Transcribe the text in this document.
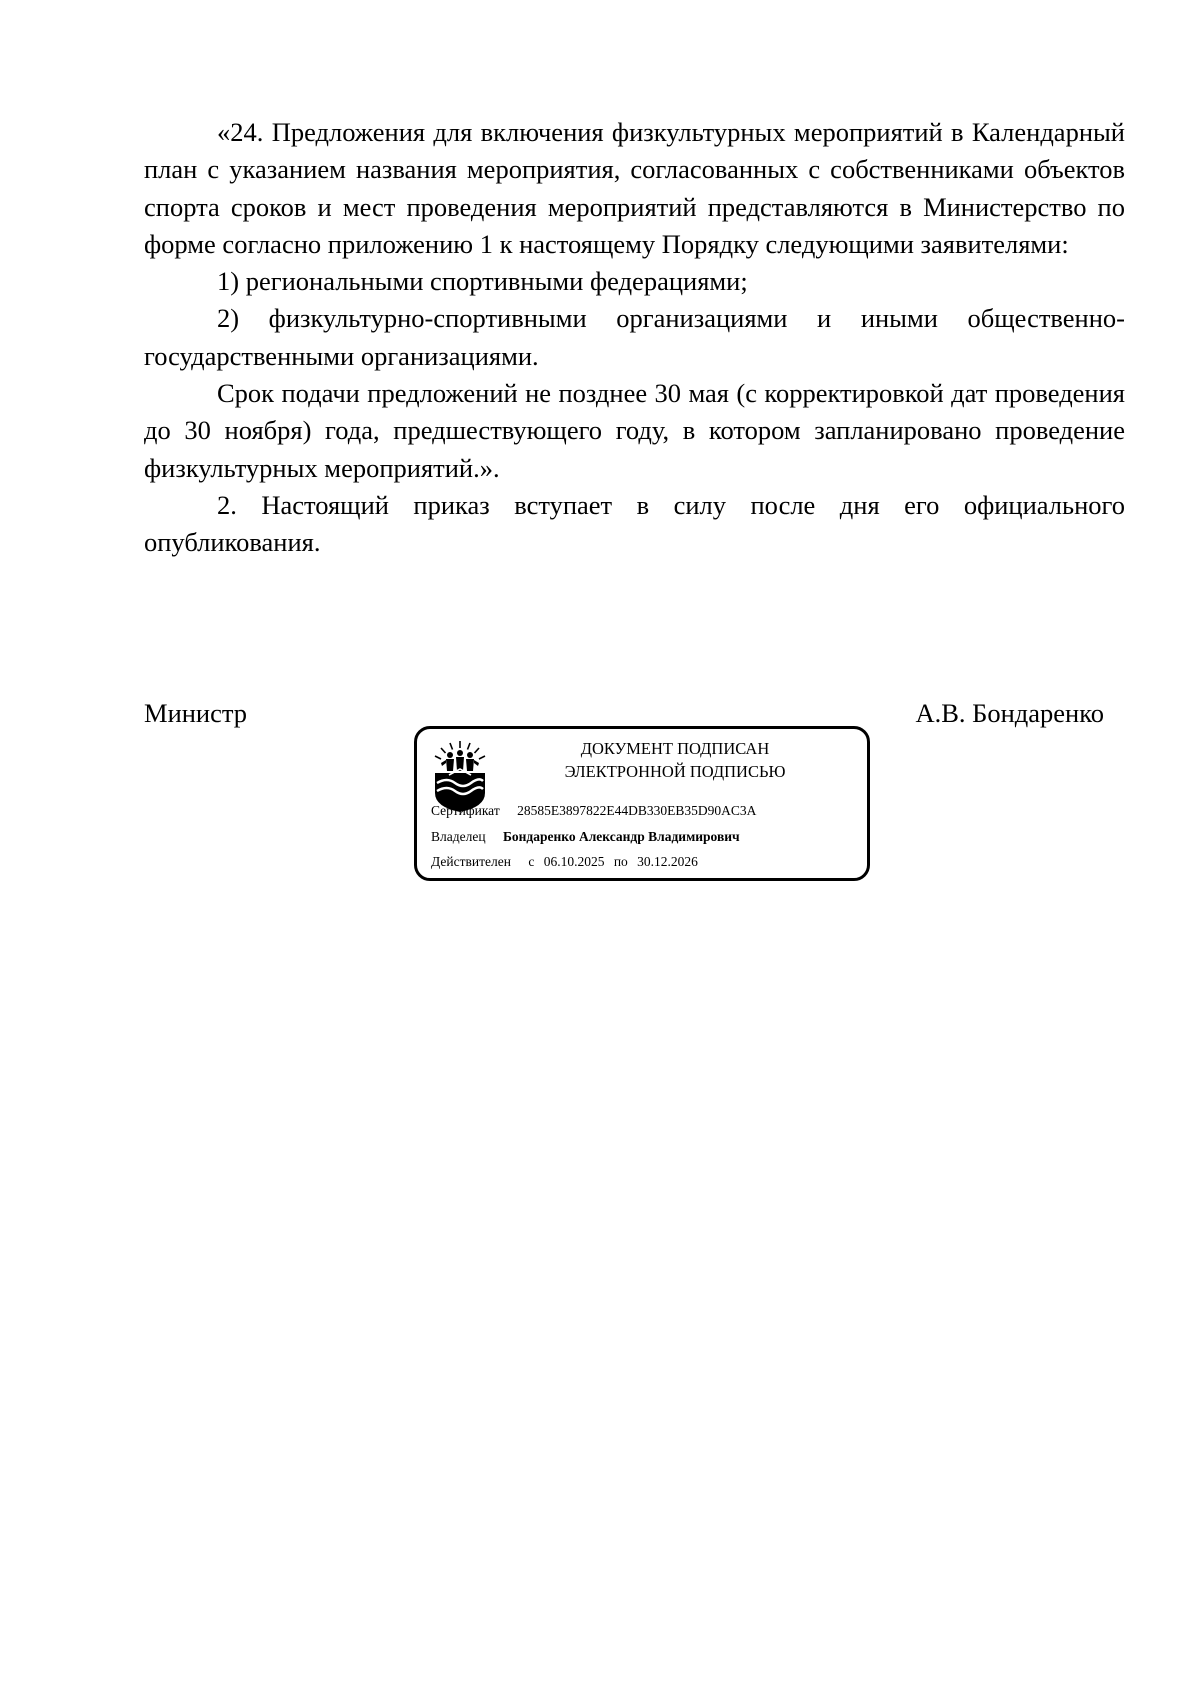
«24. Предложения для включения физкультурных мероприятий в Календарный план с указанием названия мероприятия, согласованных с собственниками объектов спорта сроков и мест проведения мероприятий представляются в Министерство по форме согласно приложению 1 к настоящему Порядку следующими заявителями:

1) региональными спортивными федерациями;

2) физкультурно-спортивными организациями и иными общественно-государственными организациями.

Срок подачи предложений не позднее 30 мая (с корректировкой дат проведения до 30 ноября) года, предшествующего году, в котором запланировано проведение физкультурных мероприятий.».

2. Настоящий приказ вступает в силу после дня его официального опубликования.

Министр	А.В. Бондаренко
ДОКУМЕНТ ПОДПИСАН
ЭЛЕКТРОННОЙ ПОДПИСЬЮ
Сертификат 28585E3897822E44DB330EB35D90AC3A
Владелец Бондаренко Александр Владимирович
Действителен с 06.10.2025 по 30.12.2026
